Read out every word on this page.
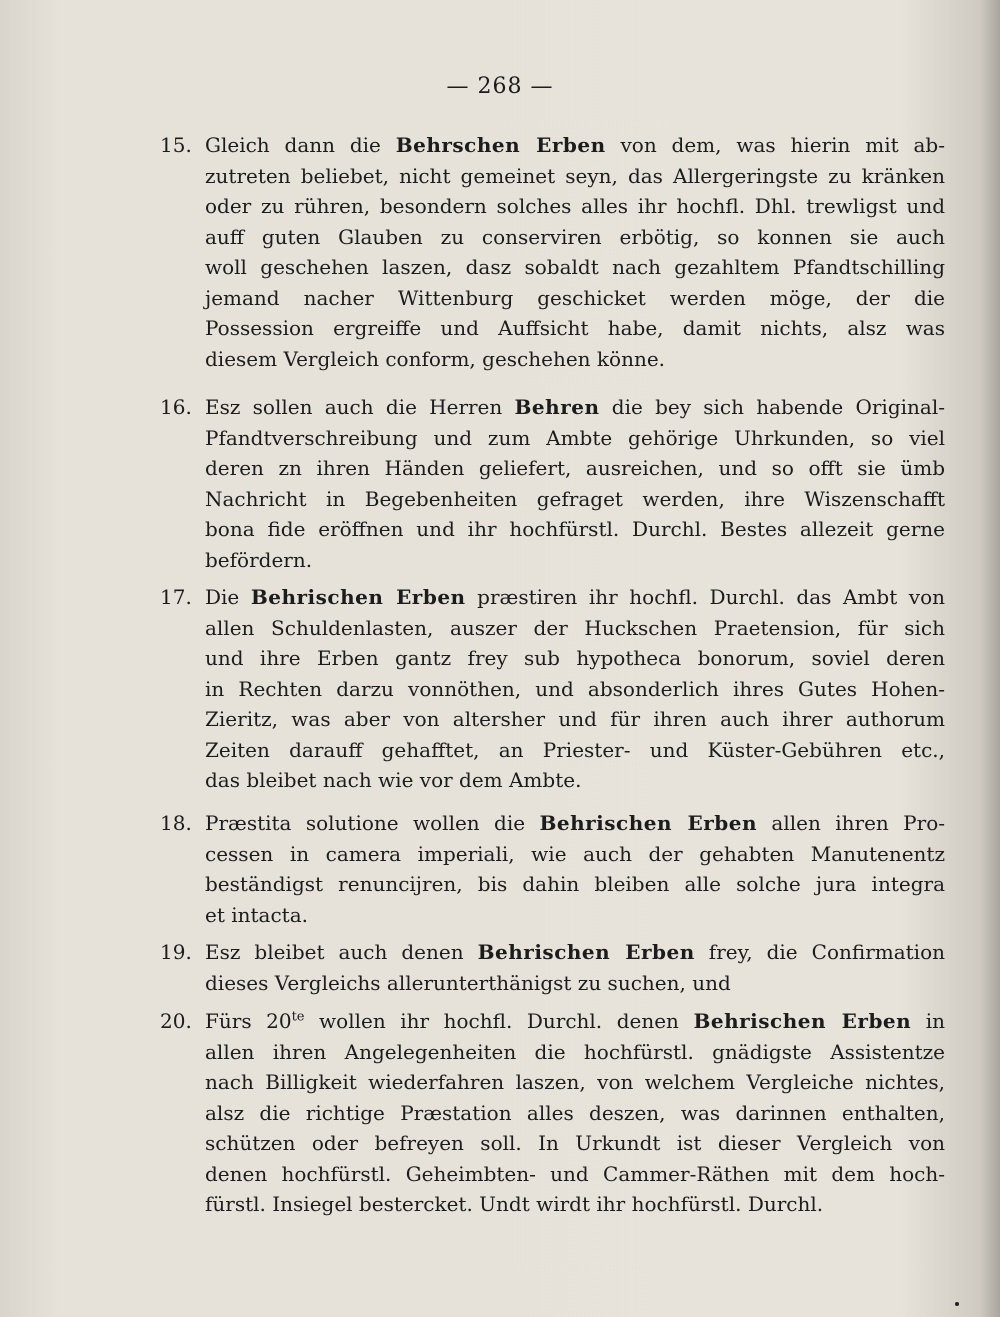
— 268 —
15. Gleich dann die Behrschen Erben von dem, was hierin mit ab-
zutreten beliebet, nicht gemeinet seyn, das Allergeringste zu kränken
oder zu rühren, besondern solches alles ihr hochfl. Dhl. trewligst und
auff guten Glauben zu conserviren erbötig, so konnen sie auch
woll geschehen laszen, dasz sobaldt nach gezahltem Pfandtschilling
jemand nacher Wittenburg geschicket werden möge, der die
Possession ergreiffe und Auffsicht habe, damit nichts, alsz was
diesem Vergleich conform, geschehen könne.
16. Esz sollen auch die Herren Behren die bey sich habende Original-
Pfandtverschreibung und zum Ambte gehörige Uhrkunden, so viel
deren zn ihren Händen geliefert, ausreichen, und so offt sie ümb
Nachricht in Begebenheiten gefraget werden, ihre Wiszenschafft
bona fide eröffnen und ihr hochfürstl. Durchl. Bestes allezeit gerne
befördern.
17. Die Behrischen Erben præstiren ihr hochfl. Durchl. das Ambt von
allen Schuldenlasten, auszer der Huckschen Praetension, für sich
und ihre Erben gantz frey sub hypotheca bonorum, soviel deren
in Rechten darzu vonnöthen, und absonderlich ihres Gutes Hohen-
Zieritz, was aber von altersher und für ihren auch ihrer authorum
Zeiten darauff gehafftet, an Priester- und Küster-Gebühren etc.,
das bleibet nach wie vor dem Ambte.
18. Præstita solutione wollen die Behrischen Erben allen ihren Pro-
cessen in camera imperiali, wie auch der gehabten Manutenentz
beständigst renuncijren, bis dahin bleiben alle solche jura integra
et intacta.
19. Esz bleibet auch denen Behrischen Erben frey, die Confirmation
dieses Vergleichs allerunterthänigst zu suchen, und
20. Fürs $20^{te}$ wollen ihr hochfl. Durchl. denen Behrischen Erben in
allen ihren Angelegenheiten die hochfürstl. gnädigste Assistentze
nach Billigkeit wiederfahren laszen, von welchem Vergleiche nichtes,
alsz die richtige Præstation alles deszen, was darinnen enthalten,
schützen oder befreyen soll. In Urkundt ist dieser Vergleich von
denen hochfürstl. Geheimbten- und Cammer-Räthen mit dem hoch-
fürstl. Insiegel bestercket. Undt wirdt ihr hochfürstl. Durchl.
